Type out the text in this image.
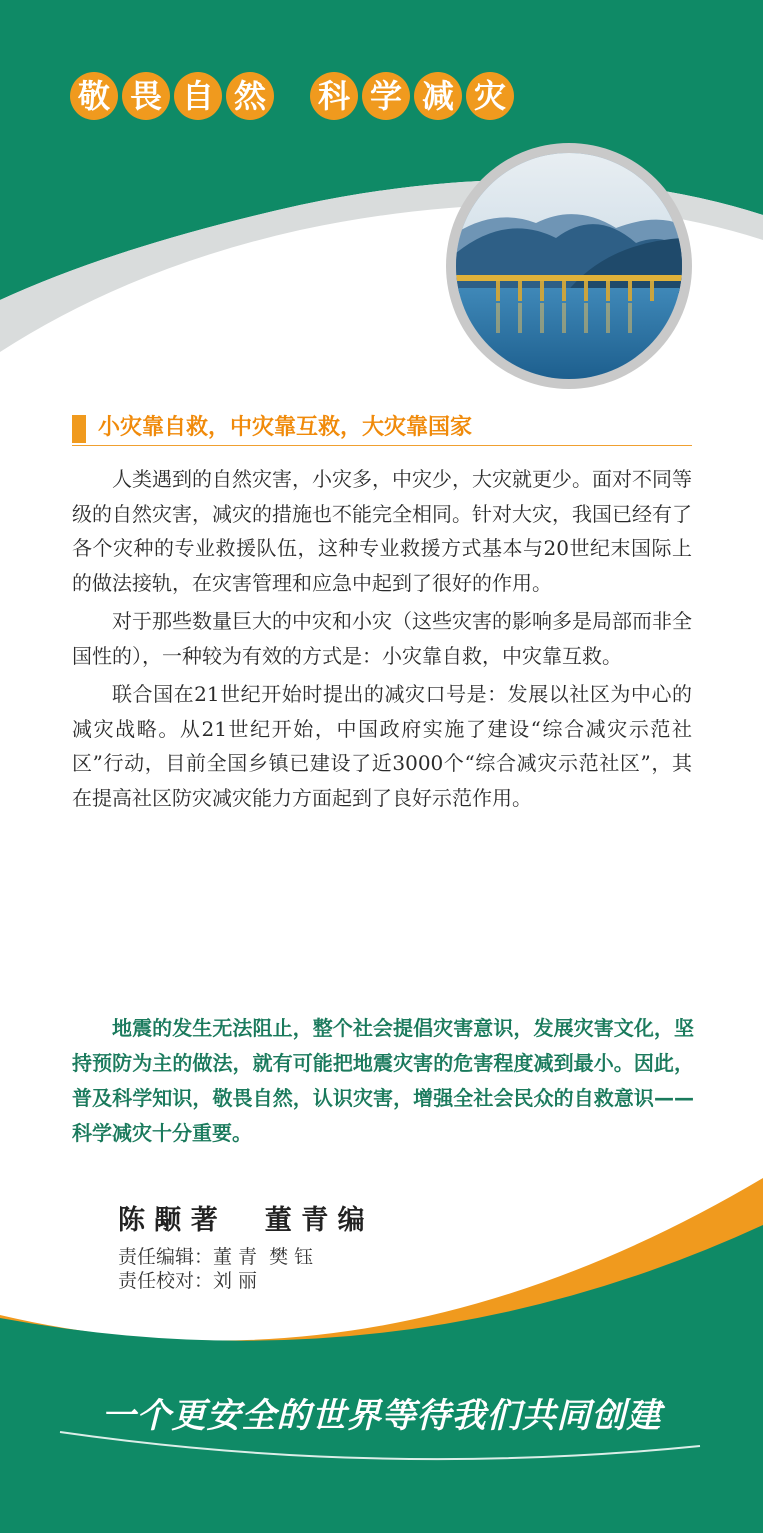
敬 畏 自 然 科 学 减 灾
小灾靠自救，中灾靠互救，大灾靠国家

人类遇到的自然灾害，小灾多，中灾少，大灾就更少。面对不同等级的自然灾害，减灾的措施也不能完全相同。针对大灾，我国已经有了各个灾种的专业救援队伍，这种专业救援方式基本与20世纪末国际上的做法接轨，在灾害管理和应急中起到了很好的作用。

对于那些数量巨大的中灾和小灾（这些灾害的影响多是局部而非全国性的），一种较为有效的方式是：小灾靠自救，中灾靠互救。

联合国在21世纪开始时提出的减灾口号是：发展以社区为中心的减灾战略。从21世纪开始，中国政府实施了建设“综合减灾示范社区”行动，目前全国乡镇已建设了近3000个“综合减灾示范社区”，其在提高社区防灾减灾能力方面起到了良好示范作用。

地震的发生无法阻止，整个社会提倡灾害意识，发展灾害文化，坚持预防为主的做法，就有可能把地震灾害的危害程度减到最小。因此，普及科学知识，敬畏自然，认识灾害，增强全社会民众的自救意识——科学减灾十分重要。

陈 颙 著     董 青 编
责任编辑：董 青  樊 钰
责任校对：刘 丽
一个更安全的世界等待我们共同创建
